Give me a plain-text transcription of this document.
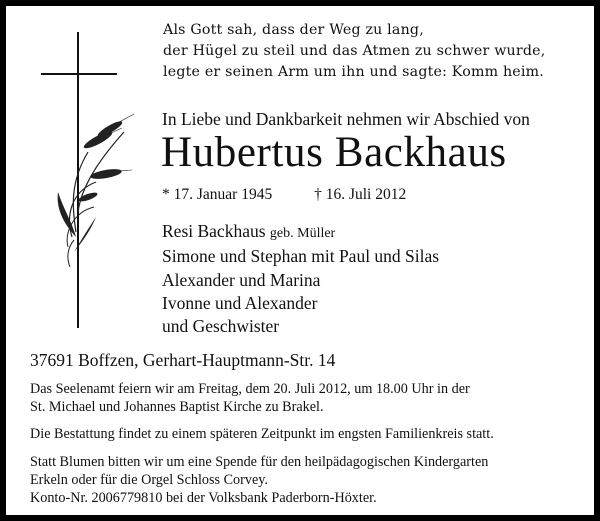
Als Gott sah, dass der Weg zu lang,
der Hügel zu steil und das Atmen zu schwer wurde,
legte er seinen Arm um ihn und sagte: Komm heim.
In Liebe und Dankbarkeit nehmen wir Abschied von
Hubertus Backhaus
* 17. Januar 1945	† 16. Juli 2012
Resi Backhaus geb. Müller
Simone und Stephan mit Paul und Silas
Alexander und Marina
Ivonne und Alexander
und Geschwister
37691 Boffzen, Gerhart-Hauptmann-Str. 14

Das Seelenamt feiern wir am Freitag, dem 20. Juli 2012, um 18.00 Uhr in der
St. Michael und Johannes Baptist Kirche zu Brakel.

Die Bestattung findet zu einem späteren Zeitpunkt im engsten Familienkreis statt.

Statt Blumen bitten wir um eine Spende für den heilpädagogischen Kindergarten
Erkeln oder für die Orgel Schloss Corvey.
Konto-Nr. 2006779810 bei der Volksbank Paderborn-Höxter.
